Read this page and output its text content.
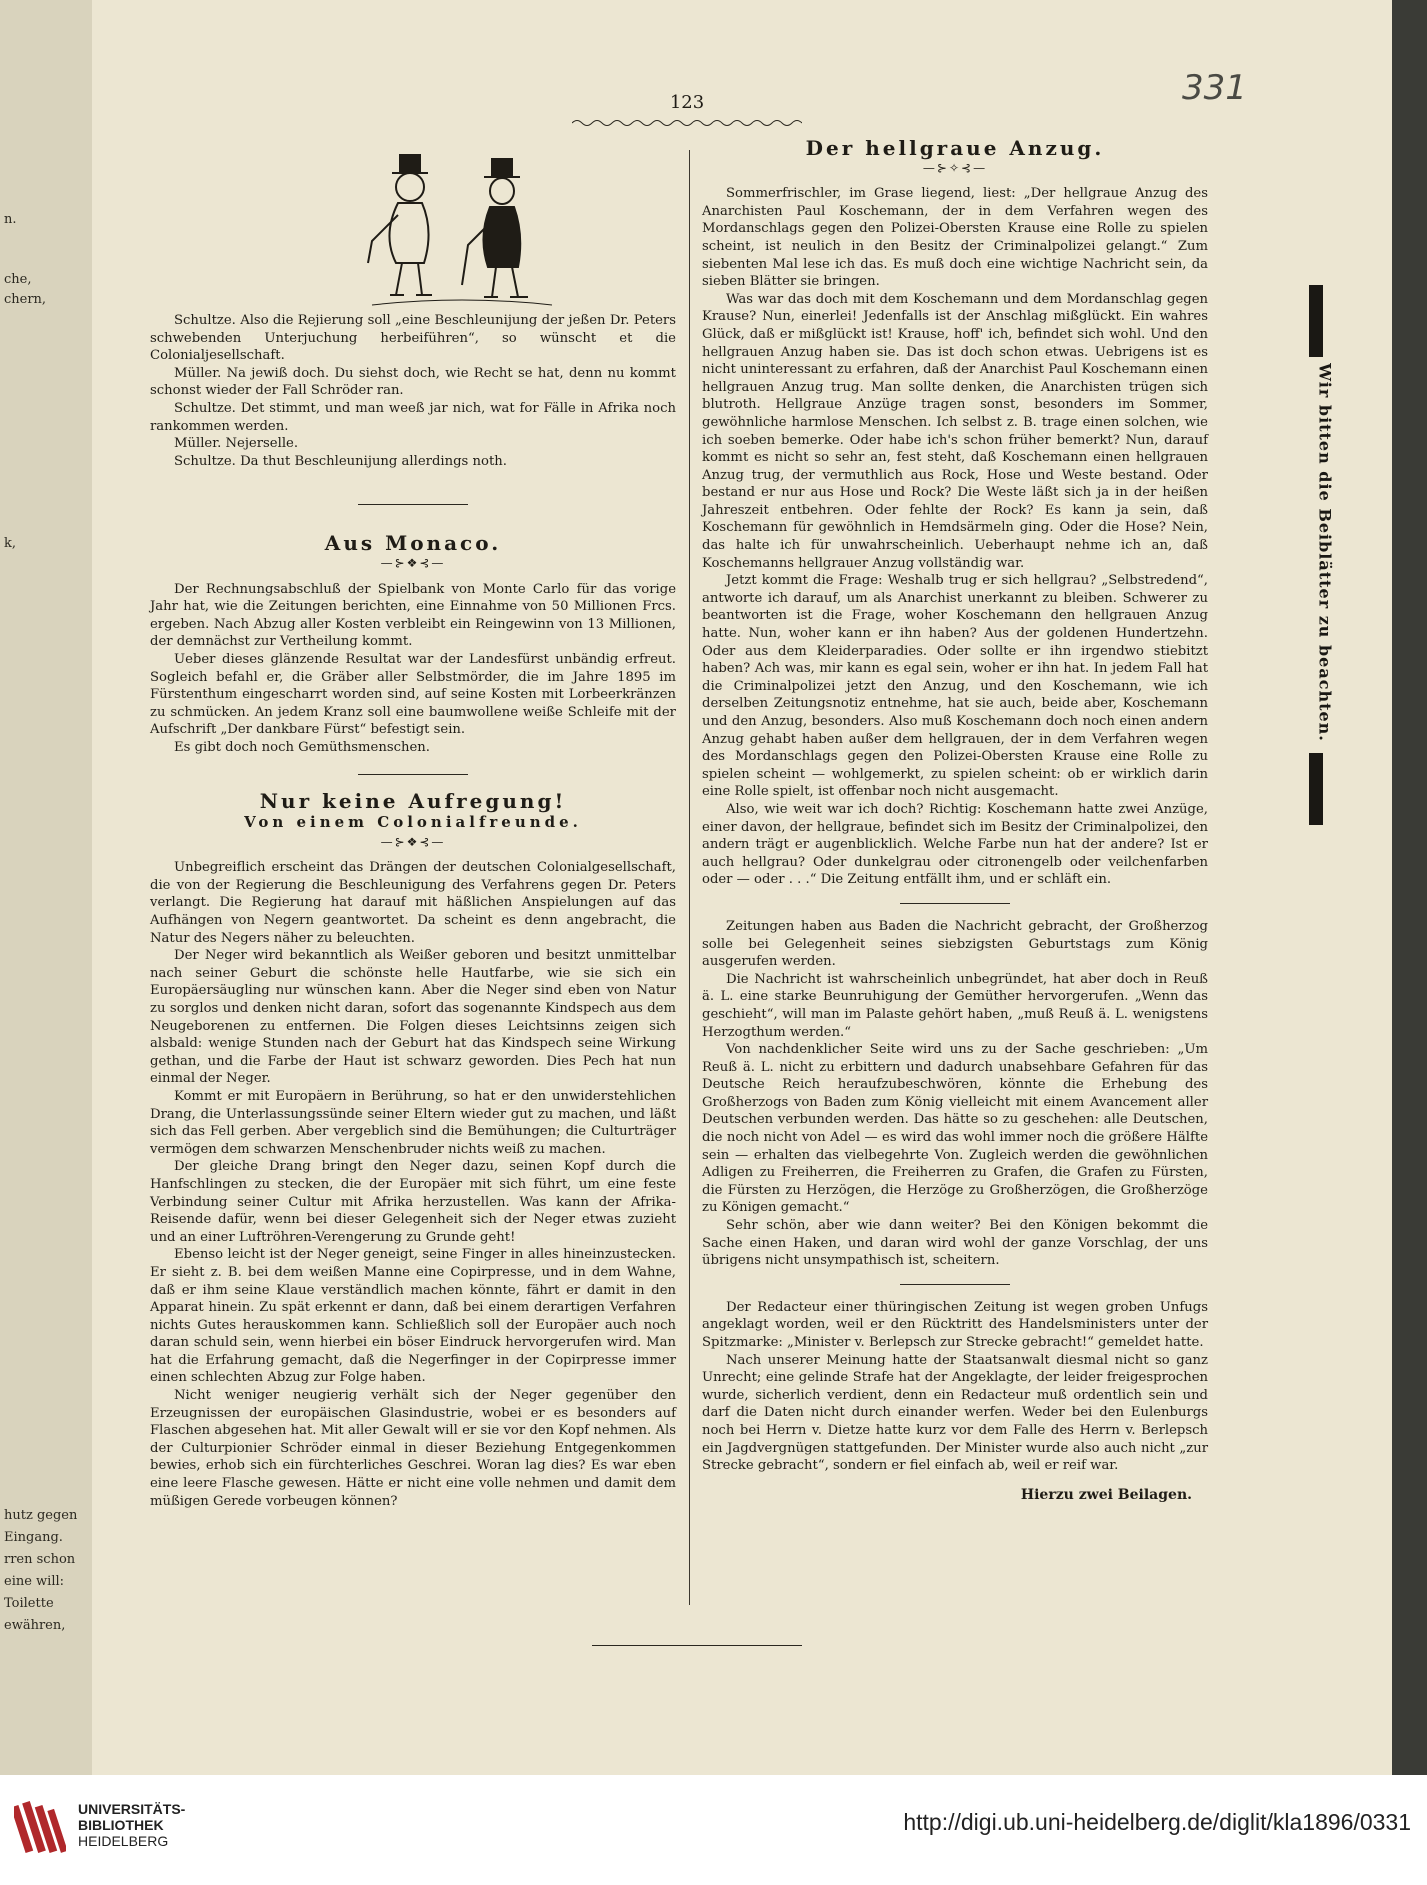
n.
che,
chern,
k,
hutz gegen
Eingang.
rren schon
eine will:
Toilette
ewähren,
123	331

Schultze. Also die Rejierung soll „eine Beschleunijung der jeßen Dr. Peters schwebenden Unterjuchung herbeiführen“, so wünscht et die Colonialjesellschaft.

Müller. Na jewiß doch. Du siehst doch, wie Recht se hat, denn nu kommt schonst wieder der Fall Schröder ran.

Schultze. Det stimmt, und man weeß jar nich, wat for Fälle in Afrika noch rankommen werden.

Müller. Nejerselle.

Schultze. Da thut Beschleunijung allerdings noth.

Aus Monaco.

—⊱❖⊰—

Der Rechnungsabschluß der Spielbank von Monte Carlo für das vorige Jahr hat, wie die Zeitungen berichten, eine Einnahme von 50 Millionen Frcs. ergeben. Nach Abzug aller Kosten verbleibt ein Reingewinn von 13 Millionen, der demnächst zur Vertheilung kommt.

Ueber dieses glänzende Resultat war der Landesfürst unbändig erfreut. Sogleich befahl er, die Gräber aller Selbstmörder, die im Jahre 1895 im Fürstenthum eingescharrt worden sind, auf seine Kosten mit Lorbeerkränzen zu schmücken. An jedem Kranz soll eine baumwollene weiße Schleife mit der Aufschrift „Der dankbare Fürst“ befestigt sein.

Es gibt doch noch Gemüthsmenschen.

Nur keine Aufregung!

Von einem Colonialfreunde.

—⊱❖⊰—

Unbegreiflich erscheint das Drängen der deutschen Colonialgesellschaft, die von der Regierung die Beschleunigung des Verfahrens gegen Dr. Peters verlangt. Die Regierung hat darauf mit häßlichen Anspielungen auf das Aufhängen von Negern geantwortet. Da scheint es denn angebracht, die Natur des Negers näher zu beleuchten.

Der Neger wird bekanntlich als Weißer geboren und besitzt unmittelbar nach seiner Geburt die schönste helle Hautfarbe, wie sie sich ein Europäersäugling nur wünschen kann. Aber die Neger sind eben von Natur zu sorglos und denken nicht daran, sofort das sogenannte Kindspech aus dem Neugeborenen zu entfernen. Die Folgen dieses Leichtsinns zeigen sich alsbald: wenige Stunden nach der Geburt hat das Kindspech seine Wirkung gethan, und die Farbe der Haut ist schwarz geworden. Dies Pech hat nun einmal der Neger.

Kommt er mit Europäern in Berührung, so hat er den unwiderstehlichen Drang, die Unterlassungssünde seiner Eltern wieder gut zu machen, und läßt sich das Fell gerben. Aber vergeblich sind die Bemühungen; die Culturträger vermögen dem schwarzen Menschenbruder nichts weiß zu machen.

Der gleiche Drang bringt den Neger dazu, seinen Kopf durch die Hanfschlingen zu stecken, die der Europäer mit sich führt, um eine feste Verbindung seiner Cultur mit Afrika herzustellen. Was kann der Afrika-Reisende dafür, wenn bei dieser Gelegenheit sich der Neger etwas zuzieht und an einer Luftröhren-Verengerung zu Grunde geht!

Ebenso leicht ist der Neger geneigt, seine Finger in alles hineinzustecken. Er sieht z. B. bei dem weißen Manne eine Copirpresse, und in dem Wahne, daß er ihm seine Klaue verständlich machen könnte, fährt er damit in den Apparat hinein. Zu spät erkennt er dann, daß bei einem derartigen Verfahren nichts Gutes herauskommen kann. Schließlich soll der Europäer auch noch daran schuld sein, wenn hierbei ein böser Eindruck hervorgerufen wird. Man hat die Erfahrung gemacht, daß die Negerfinger in der Copirpresse immer einen schlechten Abzug zur Folge haben.

Nicht weniger neugierig verhält sich der Neger gegenüber den Erzeugnissen der europäischen Glasindustrie, wobei er es besonders auf Flaschen abgesehen hat. Mit aller Gewalt will er sie vor den Kopf nehmen. Als der Culturpionier Schröder einmal in dieser Beziehung Entgegenkommen bewies, erhob sich ein fürchterliches Geschrei. Woran lag dies? Es war eben eine leere Flasche gewesen. Hätte er nicht eine volle nehmen und damit dem müßigen Gerede vorbeugen können?

Der hellgraue Anzug.

—⊱✧⊰—

Sommerfrischler, im Grase liegend, liest: „Der hellgraue Anzug des Anarchisten Paul Koschemann, der in dem Verfahren wegen des Mordanschlags gegen den Polizei-Obersten Krause eine Rolle zu spielen scheint, ist neulich in den Besitz der Criminalpolizei gelangt.“ Zum siebenten Mal lese ich das. Es muß doch eine wichtige Nachricht sein, da sieben Blätter sie bringen.

Was war das doch mit dem Koschemann und dem Mordanschlag gegen Krause? Nun, einerlei! Jedenfalls ist der Anschlag mißglückt. Ein wahres Glück, daß er mißglückt ist! Krause, hoff' ich, befindet sich wohl. Und den hellgrauen Anzug haben sie. Das ist doch schon etwas. Uebrigens ist es nicht uninteressant zu erfahren, daß der Anarchist Paul Koschemann einen hellgrauen Anzug trug. Man sollte denken, die Anarchisten trügen sich blutroth. Hellgraue Anzüge tragen sonst, besonders im Sommer, gewöhnliche harmlose Menschen. Ich selbst z. B. trage einen solchen, wie ich soeben bemerke. Oder habe ich's schon früher bemerkt? Nun, darauf kommt es nicht so sehr an, fest steht, daß Koschemann einen hellgrauen Anzug trug, der vermuthlich aus Rock, Hose und Weste bestand. Oder bestand er nur aus Hose und Rock? Die Weste läßt sich ja in der heißen Jahreszeit entbehren. Oder fehlte der Rock? Es kann ja sein, daß Koschemann für gewöhnlich in Hemdsärmeln ging. Oder die Hose? Nein, das halte ich für unwahrscheinlich. Ueberhaupt nehme ich an, daß Koschemanns hellgrauer Anzug vollständig war.

Jetzt kommt die Frage: Weshalb trug er sich hellgrau? „Selbstredend“, antworte ich darauf, um als Anarchist unerkannt zu bleiben. Schwerer zu beantworten ist die Frage, woher Koschemann den hellgrauen Anzug hatte. Nun, woher kann er ihn haben? Aus der goldenen Hundertzehn. Oder aus dem Kleiderparadies. Oder sollte er ihn irgendwo stiebitzt haben? Ach was, mir kann es egal sein, woher er ihn hat. In jedem Fall hat die Criminalpolizei jetzt den Anzug, und den Koschemann, wie ich derselben Zeitungsnotiz entnehme, hat sie auch, beide aber, Koschemann und den Anzug, besonders. Also muß Koschemann doch noch einen andern Anzug gehabt haben außer dem hellgrauen, der in dem Verfahren wegen des Mordanschlags gegen den Polizei-Obersten Krause eine Rolle zu spielen scheint — wohlgemerkt, zu spielen scheint: ob er wirklich darin eine Rolle spielt, ist offenbar noch nicht ausgemacht.

Also, wie weit war ich doch? Richtig: Koschemann hatte zwei Anzüge, einer davon, der hellgraue, befindet sich im Besitz der Criminalpolizei, den andern trägt er augenblicklich. Welche Farbe nun hat der andere? Ist er auch hellgrau? Oder dunkelgrau oder citronengelb oder veilchenfarben oder — oder . . .“ Die Zeitung entfällt ihm, und er schläft ein.

Zeitungen haben aus Baden die Nachricht gebracht, der Großherzog solle bei Gelegenheit seines siebzigsten Geburtstags zum König ausgerufen werden.

Die Nachricht ist wahrscheinlich unbegründet, hat aber doch in Reuß ä. L. eine starke Beunruhigung der Gemüther hervorgerufen. „Wenn das geschieht“, will man im Palaste gehört haben, „muß Reuß ä. L. wenigstens Herzogthum werden.“

Von nachdenklicher Seite wird uns zu der Sache geschrieben: „Um Reuß ä. L. nicht zu erbittern und dadurch unabsehbare Gefahren für das Deutsche Reich heraufzubeschwören, könnte die Erhebung des Großherzogs von Baden zum König vielleicht mit einem Avancement aller Deutschen verbunden werden. Das hätte so zu geschehen: alle Deutschen, die noch nicht von Adel — es wird das wohl immer noch die größere Hälfte sein — erhalten das vielbegehrte Von. Zugleich werden die gewöhnlichen Adligen zu Freiherren, die Freiherren zu Grafen, die Grafen zu Fürsten, die Fürsten zu Herzögen, die Herzöge zu Großherzögen, die Großherzöge zu Königen gemacht.“

Sehr schön, aber wie dann weiter? Bei den Königen bekommt die Sache einen Haken, und daran wird wohl der ganze Vorschlag, der uns übrigens nicht unsympathisch ist, scheitern.

Der Redacteur einer thüringischen Zeitung ist wegen groben Unfugs angeklagt worden, weil er den Rücktritt des Handelsministers unter der Spitzmarke: „Minister v. Berlepsch zur Strecke gebracht!“ gemeldet hatte.

Nach unserer Meinung hatte der Staatsanwalt diesmal nicht so ganz Unrecht; eine gelinde Strafe hat der Angeklagte, der leider freigesprochen wurde, sicherlich verdient, denn ein Redacteur muß ordentlich sein und darf die Daten nicht durch einander werfen. Weder bei den Eulenburgs noch bei Herrn v. Dietze hatte kurz vor dem Falle des Herrn v. Berlepsch ein Jagdvergnügen stattgefunden. Der Minister wurde also auch nicht „zur Strecke gebracht“, sondern er fiel einfach ab, weil er reif war.

Hierzu zwei Beilagen.

Wir bitten die Beiblätter zu beachten.
UNIVERSITÄTS-
BIBLIOTHEK
HEIDELBERG
http://digi.ub.uni-heidelberg.de/diglit/kla1896/0331
